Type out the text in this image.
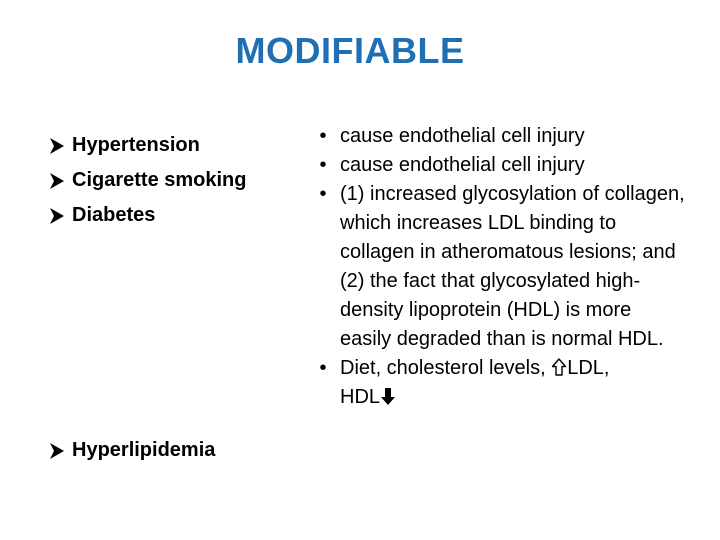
MODIFIABLE
Hypertension
Cigarette smoking
Diabetes
Hyperlipidemia
• cause endothelial cell injury
• cause endothelial cell injury
• (1) increased glycosylation of collagen, which increases LDL binding to collagen in atheromatous lesions; and (2) the fact that glycosylated high-density lipoprotein (HDL) is more easily degraded than is normal HDL.
• Diet, cholesterol levels,
LDL,
HDL
